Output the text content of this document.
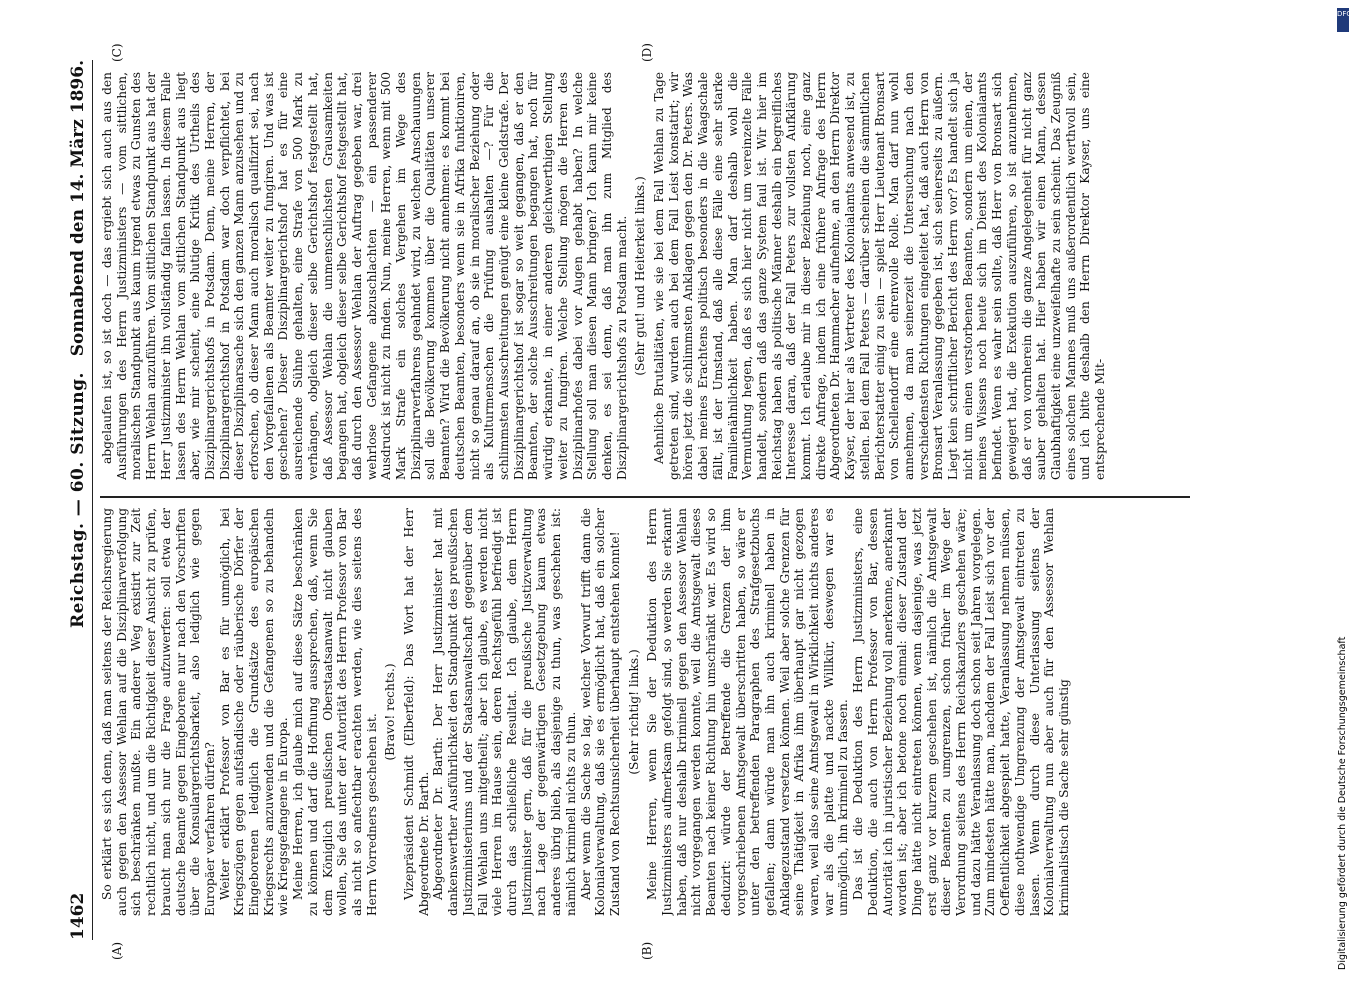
1462
Reichstag. — 60. Sitzung.
Sonnabend den 14. März 1896.
(A)	(B)
(C)	(D)

So erklärt es sich denn, daß man seitens der Reichsregierung auch gegen den Assessor Wehlan auf die Disziplinarverfolgung sich beschränken mußte. Ein anderer Weg existirt zur Zeit rechtlich nicht, und um die Richtigkeit dieser Ansicht zu prüfen, braucht man sich nur die Frage aufzuwerfen: soll etwa der deutsche Beamte gegen Eingeborene nur nach den Vorschriften über die Konsulargerichtsbarkeit, also lediglich wie gegen Europäer verfahren dürfen? Weiter erklärt Professor von Bar es für unmöglich, bei Kriegszügen gegen aufständische oder räuberische Dörfer der Eingeborenen lediglich die Grundsätze des europäischen Kriegsrechts anzuwenden und die Gefangenen so zu behandeln wie Kriegsgefangene in Europa. Meine Herren, ich glaube mich auf diese Sätze beschränken zu können und darf die Hoffnung aussprechen, daß, wenn Sie dem Königlich preußischen Oberstaatsanwalt nicht glauben wollen, Sie das unter der Autorität des Herrn Professor von Bar als nicht so anfechtbar erachten werden, wie dies seitens des Herrn Vorredners geschehen ist.

(Bravo! rechts.) Vizepräsident Schmidt (Elberfeld): Das Wort hat der Herr Abgeordnete Dr. Barth. Abgeordneter Dr. Barth: Der Herr Justizminister hat mit dankenswerther Ausführlichkeit den Standpunkt des preußischen Justizministeriums und der Staatsanwaltschaft gegenüber dem Fall Wehlan uns mitgetheilt; aber ich glaube, es werden nicht viele Herren im Hause sein, deren Rechtsgefühl befriedigt ist durch das schließliche Resultat. Ich glaube, dem Herrn Justizminister gern, daß für die preußische Justizverwaltung nach Lage der gegenwärtigen Gesetzgebung kaum etwas anderes übrig blieb, als dasjenige zu thun, was geschehen ist: nämlich kriminell nichts zu thun. Aber wenn die Sache so lag, welcher Vorwurf trifft dann die Kolonialverwaltung, daß sie es ermöglicht hat, daß ein solcher Zustand von Rechtsunsicherheit überhaupt entstehen konnte! (Sehr richtig! links.) Meine Herren, wenn Sie der Deduktion des Herrn Justizministers aufmerksam gefolgt sind, so werden Sie erkannt haben, daß nur deshalb kriminell gegen den Assessor Wehlan nicht vorgegangen werden konnte, weil die Amtsgewalt dieses Beamten nach keiner Richtung hin umschränkt war. Es wird so deduzirt: würde der Betreffende die Grenzen der ihm vorgeschriebenen Amtsgewalt überschritten haben, so wäre er unter den betreffenden Paragraphen des Strafgesetzbuchs gefallen; dann würde man ihn auch kriminell haben in Anklagezustand versetzen können. Weil aber solche Grenzen für seine Thätigkeit in Afrika ihm überhaupt gar nicht gezogen waren, weil also seine Amtsgewalt in Wirklichkeit nichts anderes war als die platte und nackte Willkür, deswegen war es unmöglich, ihn kriminell zu fassen. Das ist die Deduktion des Herrn Justizministers, eine Deduktion, die auch von Herrn Professor von Bar, dessen Autorität ich in juristischer Beziehung voll anerkenne, anerkannt worden ist; aber ich betone noch einmal: dieser Zustand der Dinge hätte nicht eintreten können, wenn dasjenige, was jetzt erst ganz vor kurzem geschehen ist, nämlich die Amtsgewalt dieser Beamten zu umgrenzen, schon früher im Wege der Verordnung seitens des Herrn Reichskanzlers geschehen wäre; und dazu hätte Veranlassung doch schon seit Jahren vorgelegen. Zum mindesten hätte man, nachdem der Fall Leist sich vor der Oeffentlichkeit abgespielt hatte, Veranlassung nehmen müssen, diese nothwendige Umgrenzung der Amtsgewalt eintreten zu lassen. Wenn durch diese Unterlassung seitens der Kolonialverwaltung nun aber auch für den Assessor Wehlan kriminalistisch die Sache sehr günstig

abgelaufen ist, so ist doch — das ergiebt sich auch aus den Ausführungen des Herrn Justizministers — vom sittlichen, moralischen Standpunkt aus kaum irgend etwas zu Gunsten des Herrn Wehlan anzuführen. Vom sittlichen Standpunkt aus hat der Herr Justizminister ihn vollständig fallen lassen. In diesem Falle lassen des Herrn Wehlan vom sittlichen Standpunkt aus liegt aber, wie mir scheint, eine blutige Kritik des Urtheils des Disziplinargerichtshofs in Potsdam. Denn, meine Herren, der Disziplinargerichtshof in Potsdam war doch verpflichtet, bei dieser Disziplinarsache sich den ganzen Mann anzusehen und zu erforschen, ob dieser Mann auch moralisch qualifizirt sei, nach den Vorgefallenen als Beamter weiter zu fungiren. Und was ist geschehen? Dieser Disziplinargerichtshof hat es für eine ausreichende Sühne gehalten, eine Strafe von 500 Mark zu verhängen, obgleich dieser selbe Gerichtshof festgestellt hat, daß Assessor Wehlan die unmenschlichsten Grausamkeiten begangen hat, obgleich dieser selbe Gerichtshof festgestellt hat, daß durch den Assessor Wehlan der Auftrag gegeben war, drei wehrlose Gefangene abzuschlachten — ein passenderer Ausdruck ist nicht zu finden. Nun, meine Herren, wenn mit 500 Mark Strafe ein solches Vergehen im Wege des Disziplinarverfahrens geahndet wird, zu welchen Anschauungen soll die Bevölkerung kommen über die Qualitäten unserer Beamten? Wird die Bevölkerung nicht annehmen: es kommt bei deutschen Beamten, besonders wenn sie in Afrika funktioniren, nicht so genau darauf an, ob sie in moralischer Beziehung oder als Kulturmenschen die Prüfung aushalten —? Für die schlimmsten Ausschreitungen genügt eine kleine Geldstrafe. Der Disziplinargerichtshof ist sogar so weit gegangen, daß er den Beamten, der solche Ausschreitungen begangen hat, noch für würdig erkannte, in einer anderen gleichwerthigen Stellung weiter zu fungiren. Welche Stellung mögen die Herren des Disziplinarhofes dabei vor Augen gehabt haben? In welche Stellung soll man diesen Mann bringen? Ich kann mir keine denken, es sei denn, daß man ihn zum Mitglied des Disziplinargerichtshofs zu Potsdam macht. (Sehr gut! und Heiterkeit links.) Aehnliche Brutalitäten, wie sie bei dem Fall Wehlan zu Tage getreten sind, wurden auch bei dem Fall Leist konstatirt; wir hören jetzt die schlimmsten Anklagen gegen den Dr. Peters. Was dabei meines Erachtens politisch besonders in die Waagschale fällt, ist der Umstand, daß alle diese Fälle eine sehr starke Familienähnlichkeit haben. Man darf deshalb wohl die Vermuthung hegen, daß es sich hier nicht um vereinzelte Fälle handelt, sondern daß das ganze System faul ist. Wir hier im Reichstag haben als politische Männer deshalb ein begreifliches Interesse daran, daß der Fall Peters zur vollsten Aufklärung kommt. Ich erlaube mir in dieser Beziehung noch, eine ganz direkte Anfrage, indem ich eine frühere Anfrage des Herrn Abgeordneten Dr. Hammacher aufnehme, an den Herrn Direktor Kayser, der hier als Vertreter des Kolonialamts anwesend ist, zu stellen. Bei dem Fall Peters — darüber scheinen die sämmtlichen Berichterstatter einig zu sein — spielt Herr Lieutenant Bronsart von Schellendorff eine ehrenvolle Rolle. Man darf nun wohl annehmen, da man seinerzeit die Untersuchung nach den verschiedensten Richtungen eingeleitet hat, daß auch Herrn von Bronsart Veranlassung gegeben ist, sich seinerseits zu äußern. Liegt kein schriftlicher Bericht des Herrn vor? Es handelt sich ja nicht um einen verstorbenen Beamten, sondern um einen, der meines Wissens noch heute sich im Dienst des Kolonialamts befindet. Wenn es wahr sein sollte, daß Herr von Bronsart sich geweigert hat, die Exekution auszuführen, so ist anzunehmen, daß er von vornherein die ganze Angelegenheit für nicht ganz sauber gehalten hat. Hier haben wir einen Mann, dessen Glaubhaftigkeit eine unzweifelhafte zu sein scheint. Das Zeugniß eines solchen Mannes muß uns außerordentlich werthvoll sein, und ich bitte deshalb den Herrn Direktor Kayser, uns eine entsprechende Mit-

DFG
Digitalisierung gefördert durch die Deutsche Forschungsgemeinschaft
